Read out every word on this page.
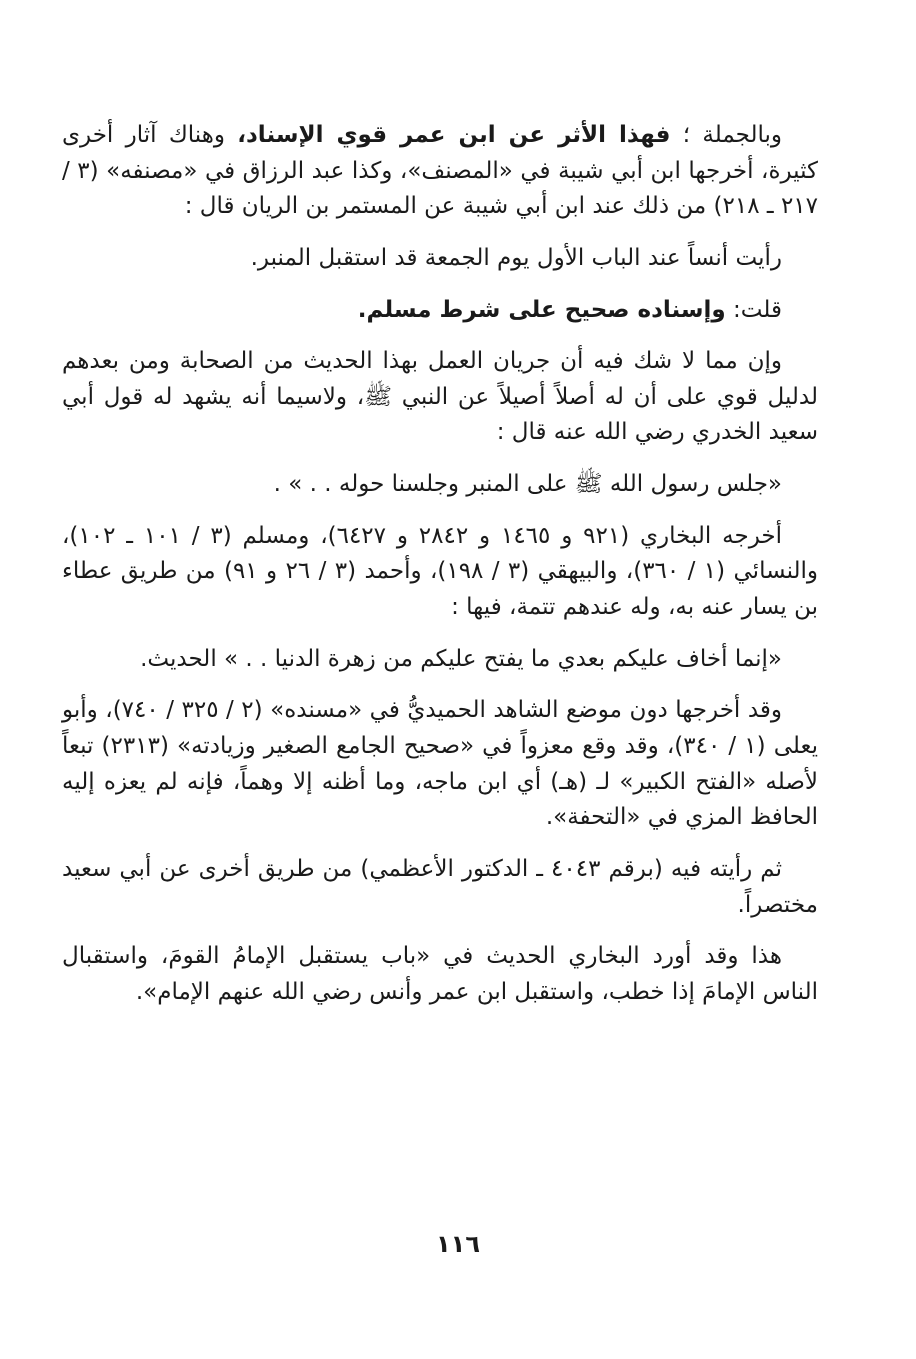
وبالجملة ؛ فهذا الأثر عن ابن عمر قوي الإسناد، وهناك آثار أخرى كثيرة، أخرجها ابن أبي شيبة في «المصنف»، وكذا عبد الرزاق في «مصنفه» (٣ / ٢١٧ ـ ٢١٨) من ذلك عند ابن أبي شيبة عن المستمر بن الريان قال :

رأيت أنساً عند الباب الأول يوم الجمعة قد استقبل المنبر.

قلت: وإسناده صحيح على شرط مسلم.

وإن مما لا شك فيه أن جريان العمل بهذا الحديث من الصحابة ومن بعدهم لدليل قوي على أن له أصلاً أصيلاً عن النبي ﷺ، ولاسيما أنه يشهد له قول أبي سعيد الخدري رضي الله عنه قال :

«جلس رسول الله ﷺ على المنبر وجلسنا حوله . . » .

أخرجه البخاري (٩٢١ و ١٤٦٥ و ٢٨٤٢ و ٦٤٢٧)، ومسلم (٣ / ١٠١ ـ ١٠٢)، والنسائي (١ / ٣٦٠)، والبيهقي (٣ / ١٩٨)، وأحمد (٣ / ٢٦ و ٩١) من طريق عطاء بن يسار عنه به، وله عندهم تتمة، فيها :

«إنما أخاف عليكم بعدي ما يفتح عليكم من زهرة الدنيا . . » الحديث.

وقد أخرجها دون موضع الشاهد الحميديُّ في «مسنده» (٢ / ٣٢٥ / ٧٤٠)، وأبو يعلى (١ / ٣٤٠)، وقد وقع معزواً في «صحيح الجامع الصغير وزيادته» (٢٣١٣) تبعاً لأصله «الفتح الكبير» لـ (هـ) أي ابن ماجه، وما أظنه إلا وهماً، فإنه لم يعزه إليه الحافظ المزي في «التحفة».

ثم رأيته فيه (برقم ٤٠٤٣ ـ الدكتور الأعظمي) من طريق أخرى عن أبي سعيد مختصراً.

هذا وقد أورد البخاري الحديث في «باب يستقبل الإمامُ القومَ، واستقبال الناس الإمامَ إذا خطب، واستقبل ابن عمر وأنس رضي الله عنهم الإمام».

١١٦
